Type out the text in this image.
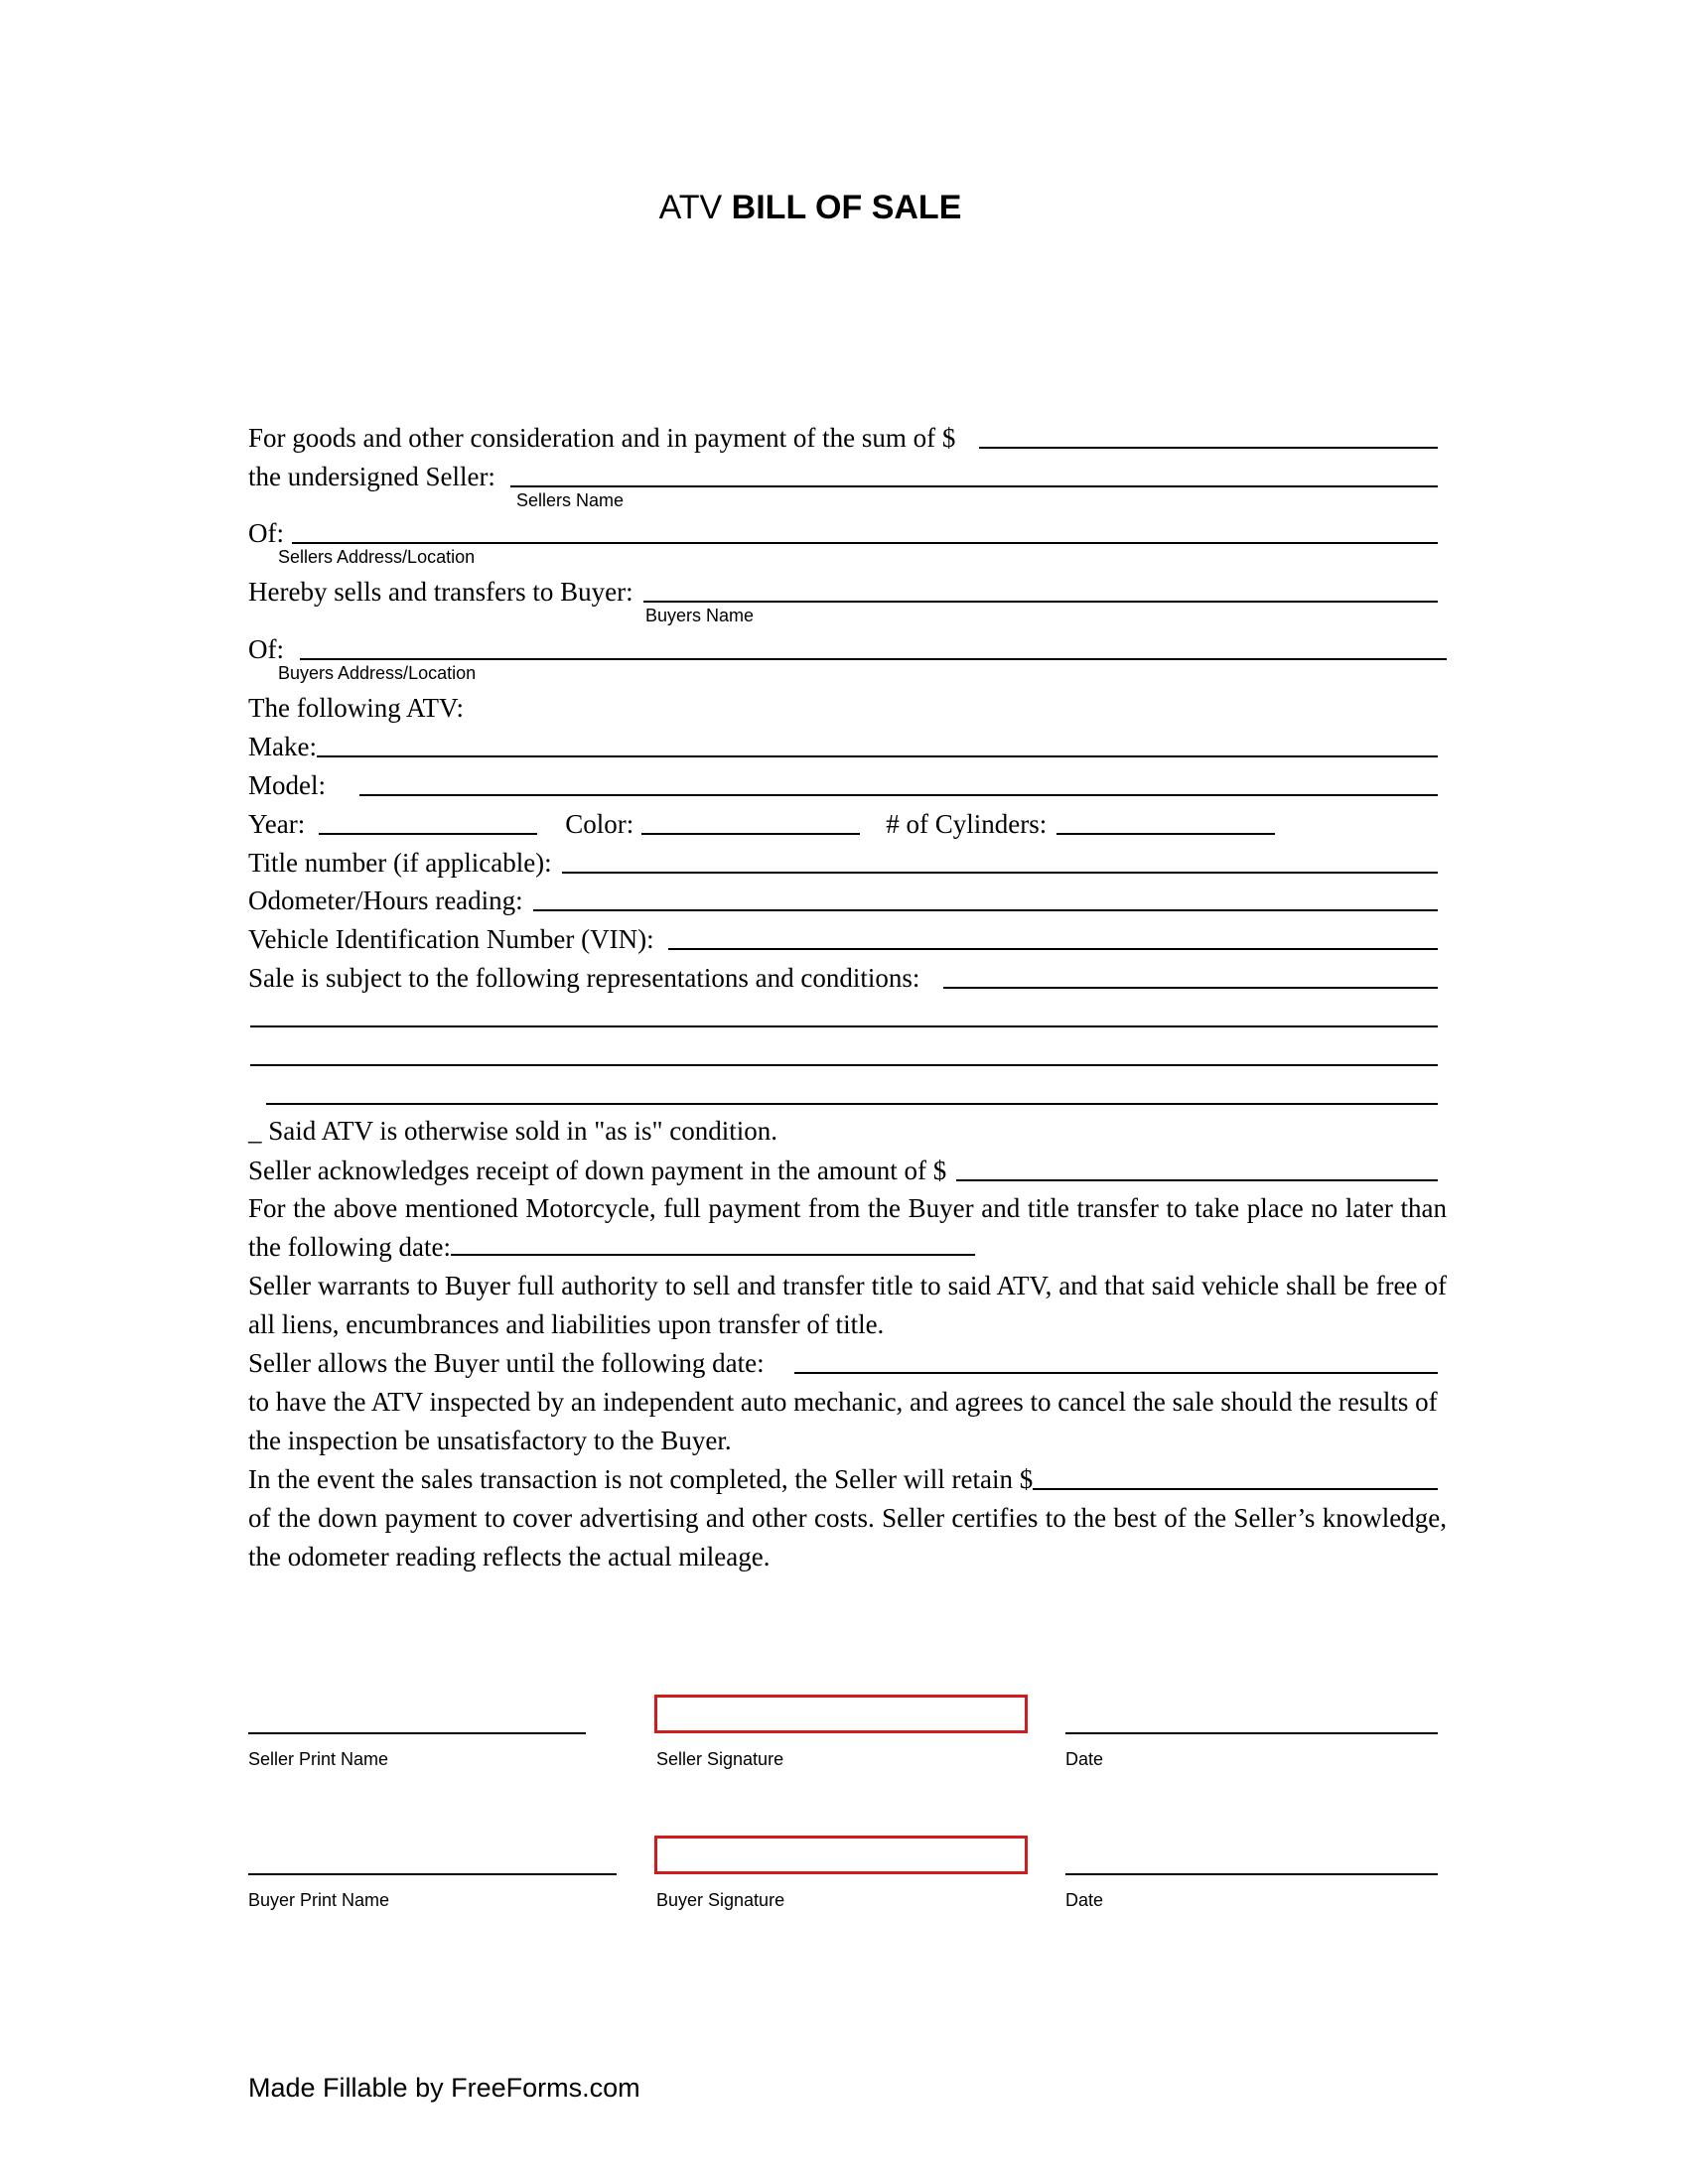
ATV BILL OF SALE
For goods and other consideration and in payment of the sum of $
the undersigned Seller:
Sellers Name
Of:
Sellers Address/Location
Hereby sells and transfers to Buyer:
Buyers Name
Of:
Buyers Address/Location
The following ATV:
Make:
Model:
Year:	Color:	# of Cylinders:
Title number (if applicable):
Odometer/Hours reading:
Vehicle Identification Number (VIN):
Sale is subject to the following representations and conditions:
_ Said ATV is otherwise sold in "as is" condition.
Seller acknowledges receipt of down payment in the amount of $
For the above mentioned Motorcycle, full payment from the Buyer and title transfer to take place no later than the following date:
Seller warrants to Buyer full authority to sell and transfer title to said ATV, and that said vehicle shall be free of all liens, encumbrances and liabilities upon transfer of title.
Seller allows the Buyer until the following date:
to have the ATV inspected by an independent auto mechanic, and agrees to cancel the sale should the results of the inspection be unsatisfactory to the Buyer.
In the event the sales transaction is not completed, the Seller will retain $
of the down payment to cover advertising and other costs. Seller certifies to the best of the Seller’s knowledge, the odometer reading reflects the actual mileage.
Seller Print Name	Seller Signature	Date
Buyer Print Name	Buyer Signature	Date
Made Fillable by FreeForms.com
